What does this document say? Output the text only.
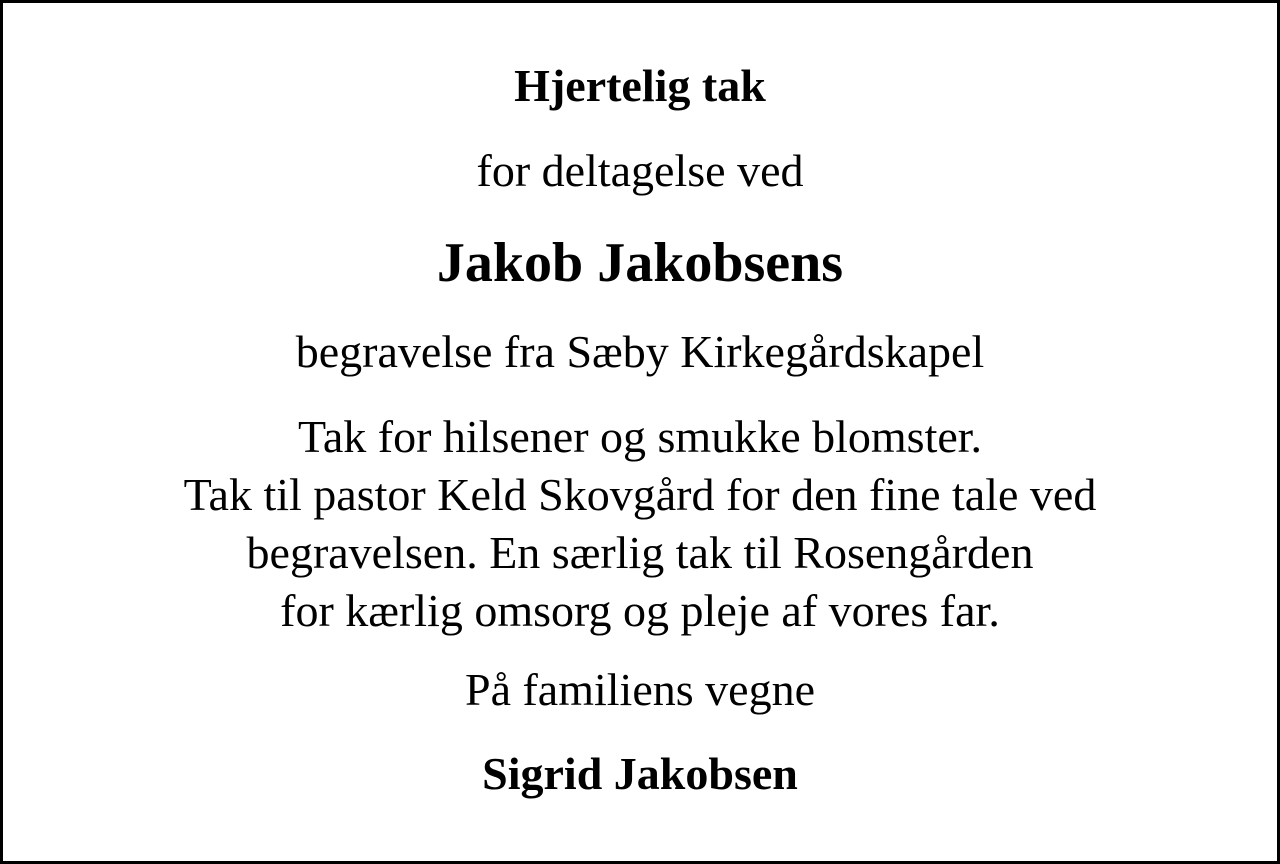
Hjertelig tak

for deltagelse ved

Jakob Jakobsens

begravelse fra Sæby Kirkegårdskapel

Tak for hilsener og smukke blomster.
Tak til pastor Keld Skovgård for den fine tale ved
begravelsen. En særlig tak til Rosengården
for kærlig omsorg og pleje af vores far.

På familiens vegne

Sigrid Jakobsen
